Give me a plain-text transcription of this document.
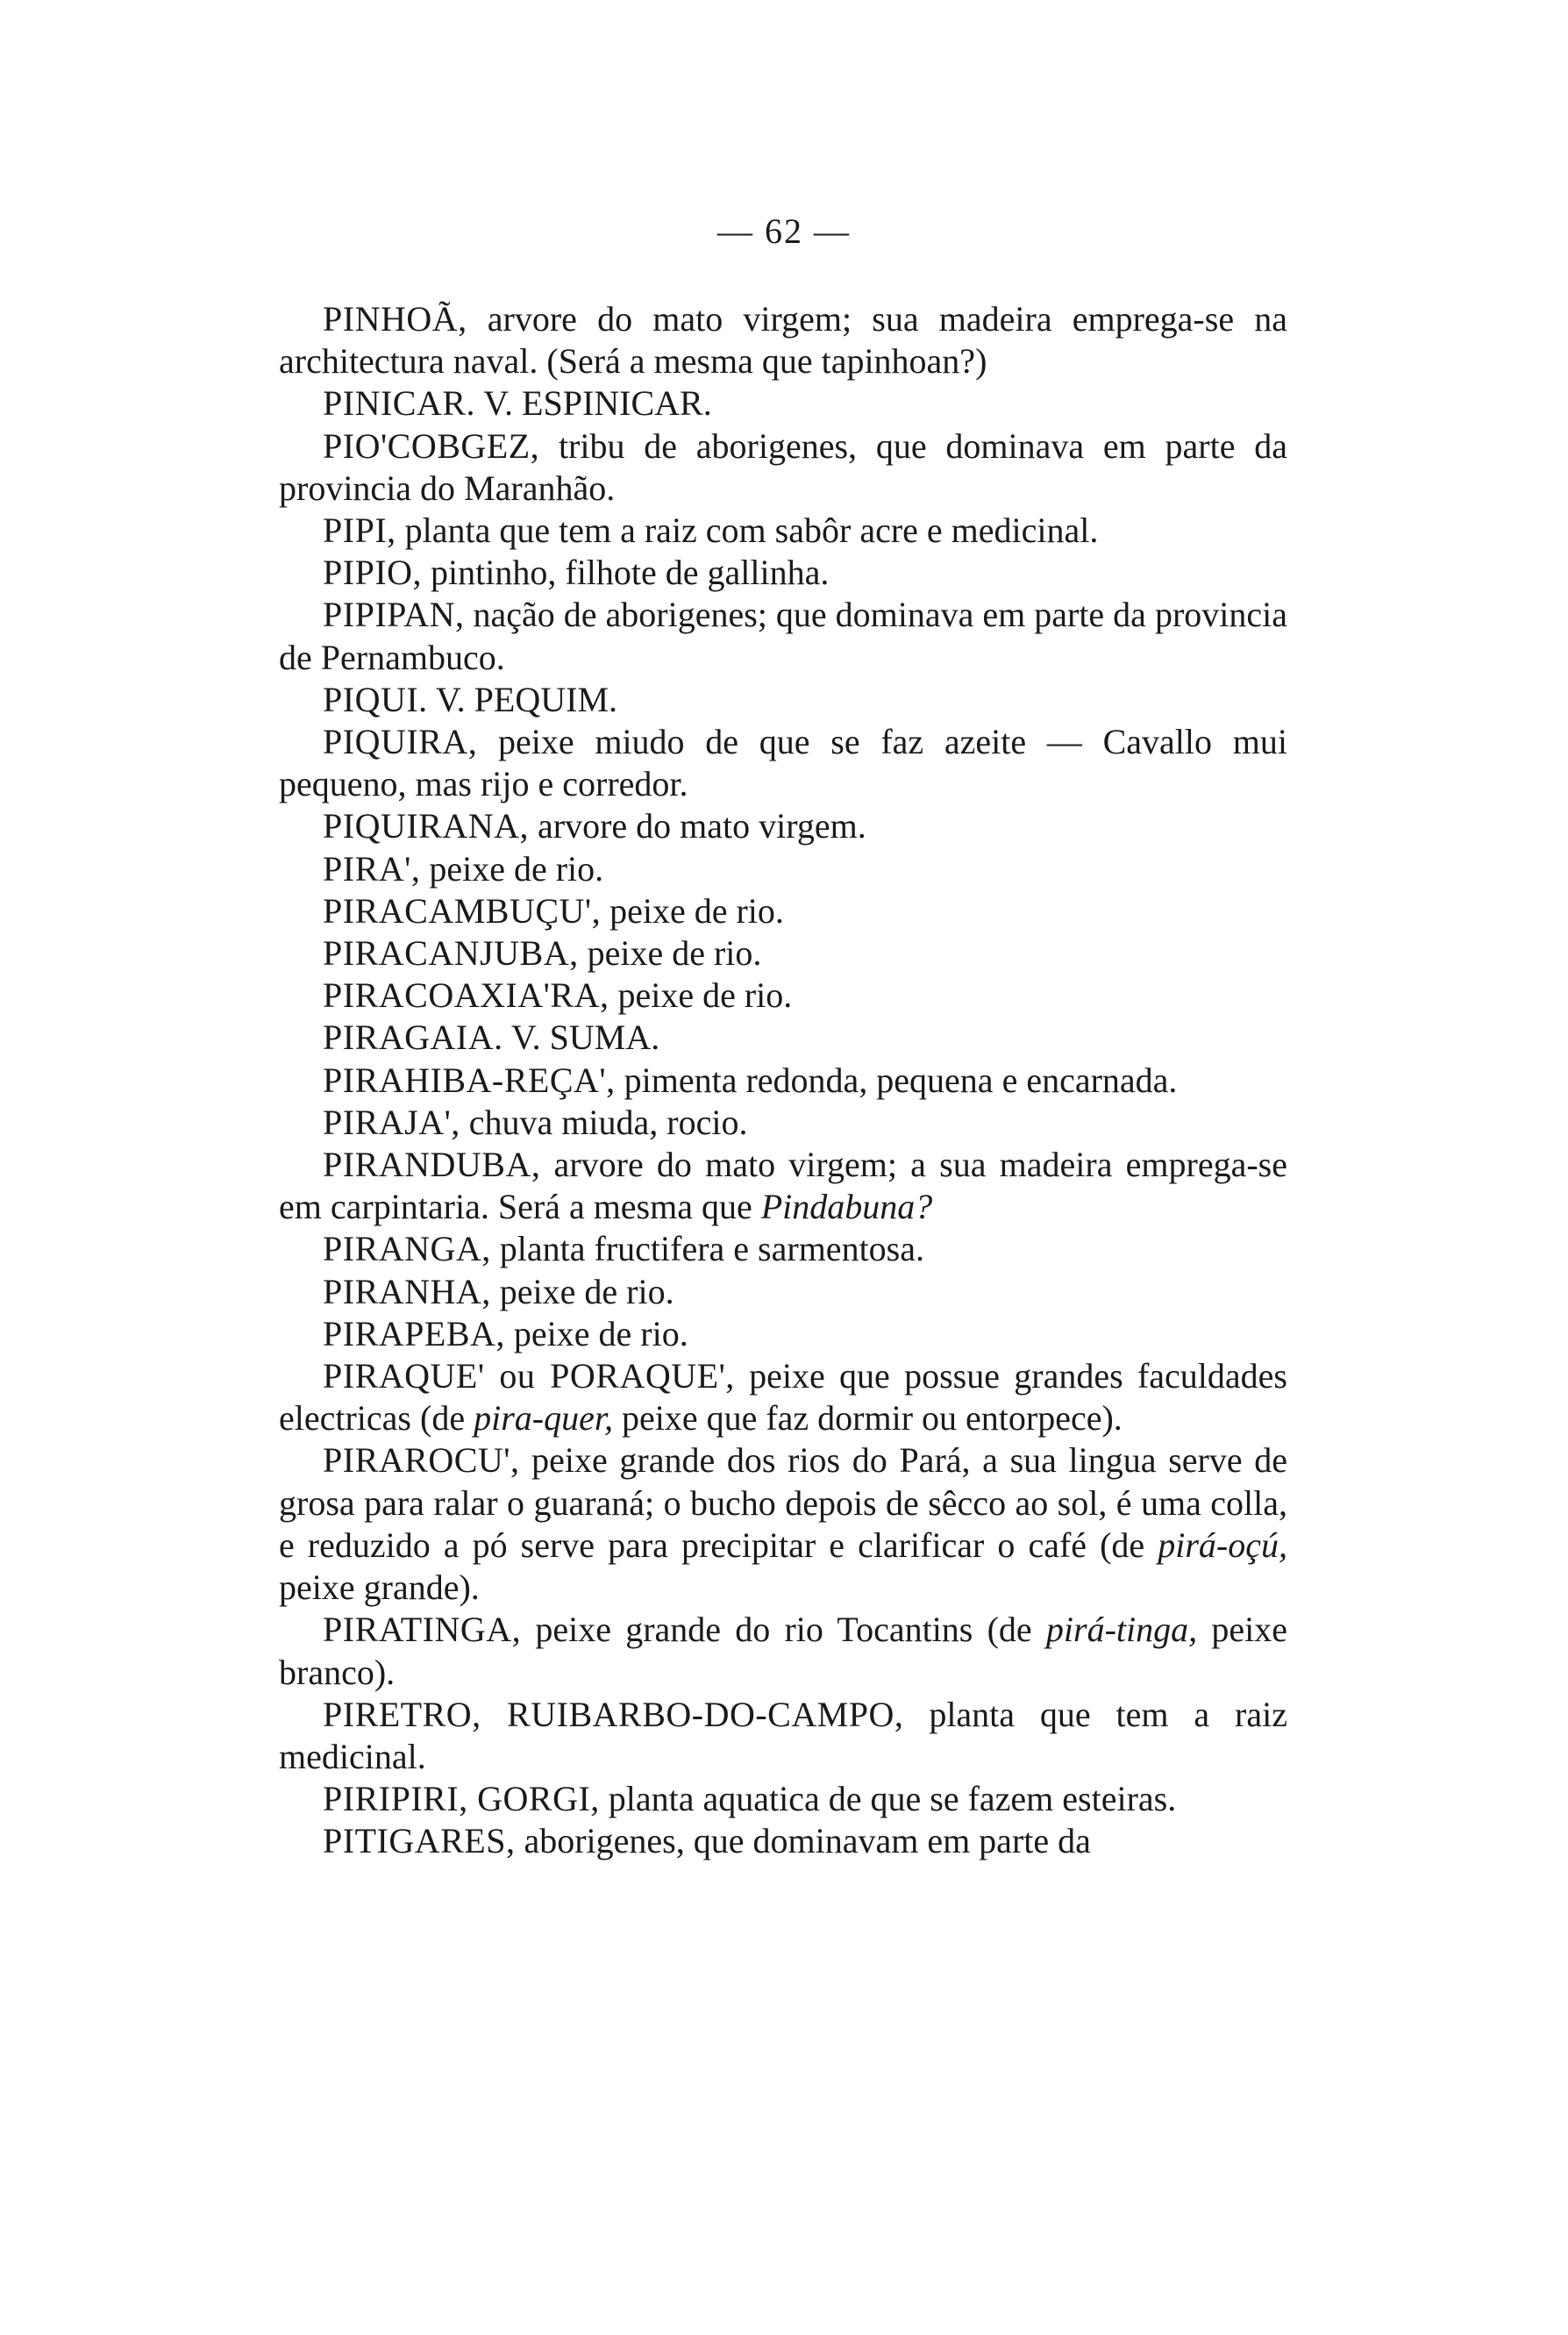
— 62 —

PINHOÃ, arvore do mato virgem; sua madeira emprega-se na architectura naval. (Será a mesma que tapinhoan?)

PINICAR. V. ESPINICAR.

PIO'COBGEZ, tribu de aborigenes, que dominava em parte da provincia do Maranhão.

PIPI, planta que tem a raiz com sabôr acre e medicinal.

PIPIO, pintinho, filhote de gallinha.

PIPIPAN, nação de aborigenes; que dominava em parte da provincia de Pernambuco.

PIQUI. V. PEQUIM.

PIQUIRA, peixe miudo de que se faz azeite — Cavallo mui pequeno, mas rijo e corredor.

PIQUIRANA, arvore do mato virgem.

PIRA', peixe de rio.

PIRACAMBUÇU', peixe de rio.

PIRACANJUBA, peixe de rio.

PIRACOAXIA'RA, peixe de rio.

PIRAGAIA. V. SUMA.

PIRAHIBA-REÇA', pimenta redonda, pequena e encarnada.

PIRAJA', chuva miuda, rocio.

PIRANDUBA, arvore do mato virgem; a sua madeira emprega-se em carpintaria. Será a mesma que Pindabuna?

PIRANGA, planta fructifera e sarmentosa.

PIRANHA, peixe de rio.

PIRAPEBA, peixe de rio.

PIRAQUE' ou PORAQUE', peixe que possue grandes faculdades electricas (de pira-quer, peixe que faz dormir ou entorpece).

PIRAROCU', peixe grande dos rios do Pará, a sua lingua serve de grosa para ralar o guaraná; o bucho depois de sêcco ao sol, é uma colla, e reduzido a pó serve para precipitar e clarificar o café (de pirá-oçú, peixe grande).

PIRATINGA, peixe grande do rio Tocantins (de pirá-tinga, peixe branco).

PIRETRO, RUIBARBO-DO-CAMPO, planta que tem a raiz medicinal.

PIRIPIRI, GORGI, planta aquatica de que se fazem esteiras.

PITIGARES, aborigenes, que dominavam em parte da
